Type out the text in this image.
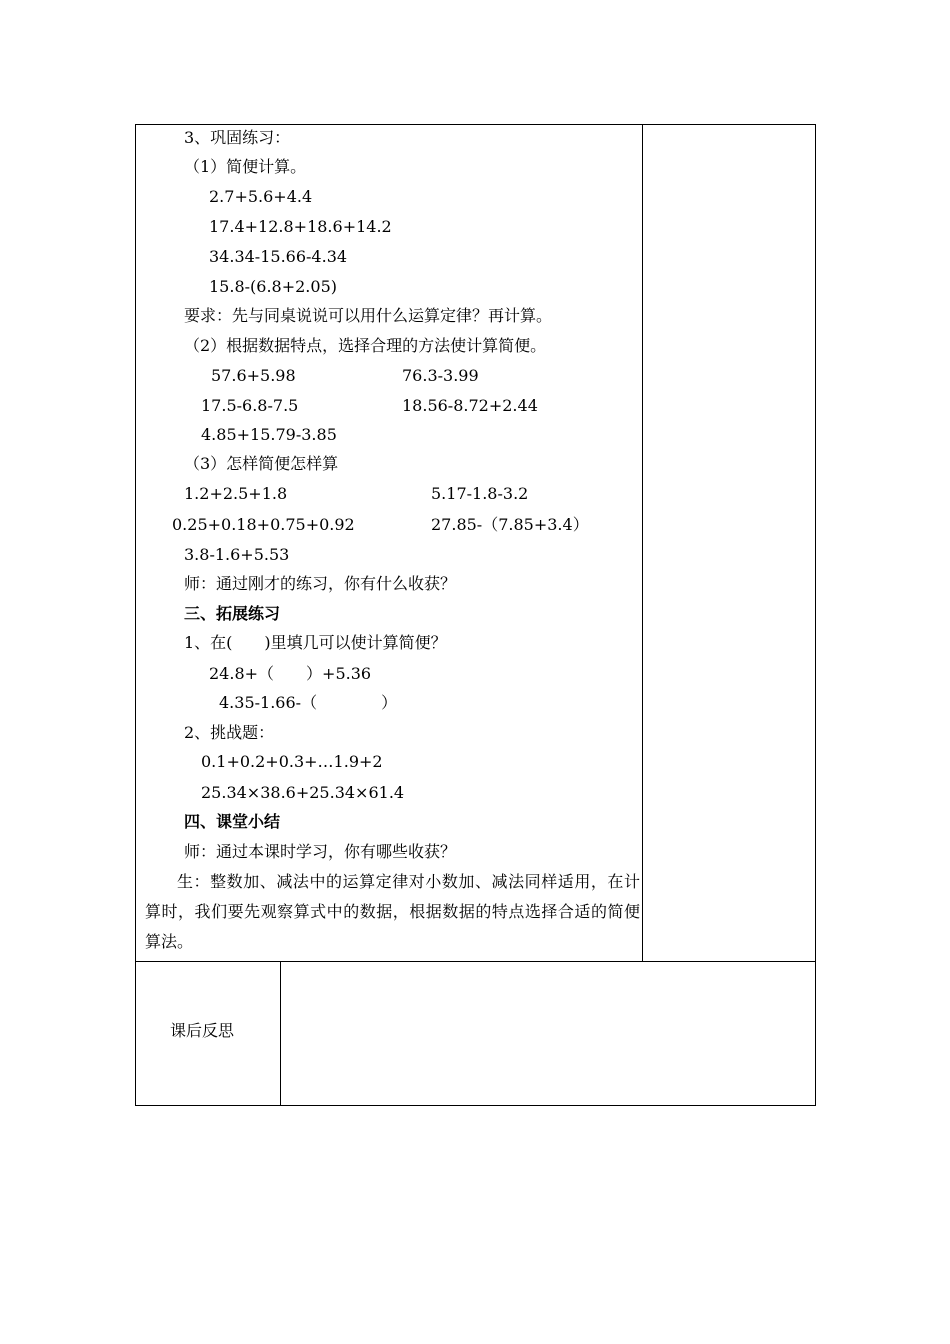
3、巩固练习：
（1）简便计算。
2.7+5.6+4.4
17.4+12.8+18.6+14.2
34.34-15.66-4.34
15.8-(6.8+2.05)
要求：先与同桌说说可以用什么运算定律？再计算。
（2）根据数据特点，选择合理的方法使计算简便。
57.6+5.98	76.3-3.99
17.5-6.8-7.5	18.56-8.72+2.44
4.85+15.79-3.85
（3）怎样简便怎样算
1.2+2.5+1.8	5.17-1.8-3.2
0.25+0.18+0.75+0.92	27.85-（7.85+3.4）
3.8-1.6+5.53
师：通过刚才的练习，你有什么收获？
三、拓展练习
1、在(　　)里填几可以使计算简便？
24.8+（　　）+5.36
4.35-1.66-（　　　　）
2、挑战题：
0.1+0.2+0.3+…1.9+2
25.34×38.6+25.34×61.4
四、课堂小结
师：通过本课时学习，你有哪些收获？
生：整数加、减法中的运算定律对小数加、减法同样适用，在计算时，我们要先观察算式中的数据，根据数据的特点选择合适的简便算法。
课后反思
